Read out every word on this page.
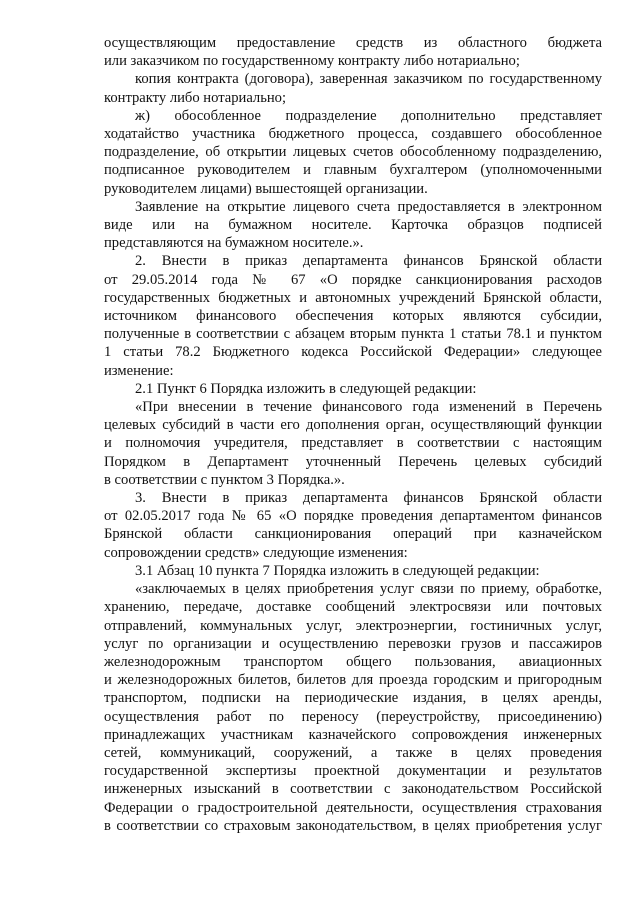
осуществляющим предоставление средств из областного бюджета
или заказчиком по государственному контракту либо нотариально;
копия контракта (договора), заверенная заказчиком по государственному
контракту либо нотариально;
ж) обособленное подразделение дополнительно представляет
ходатайство участника бюджетного процесса, создавшего обособленное
подразделение, об открытии лицевых счетов обособленному подразделению,
подписанное руководителем и главным бухгалтером (уполномоченными
руководителем лицами) вышестоящей организации.
Заявление на открытие лицевого счета предоставляется в электронном
виде или на бумажном носителе. Карточка образцов подписей
представляются на бумажном носителе.».
2. Внести в приказ департамента финансов Брянской области
от 29.05.2014 года № 67 «О порядке санкционирования расходов
государственных бюджетных и автономных учреждений Брянской области,
источником финансового обеспечения которых являются субсидии,
полученные в соответствии с абзацем вторым пункта 1 статьи 78.1 и пунктом
1 статьи 78.2 Бюджетного кодекса Российской Федерации» следующее
изменение:
2.1 Пункт 6 Порядка изложить в следующей редакции:
«При внесении в течение финансового года изменений в Перечень
целевых субсидий в части его дополнения орган, осуществляющий функции
и полномочия учредителя, представляет в соответствии с настоящим
Порядком в Департамент уточненный Перечень целевых субсидий
в соответствии с пунктом 3 Порядка.».
3. Внести в приказ департамента финансов Брянской области
от 02.05.2017 года № 65 «О порядке проведения департаментом финансов
Брянской области санкционирования операций при казначейском
сопровождении средств» следующие изменения:
3.1 Абзац 10 пункта 7 Порядка изложить в следующей редакции:
«заключаемых в целях приобретения услуг связи по приему, обработке,
хранению, передаче, доставке сообщений электросвязи или почтовых
отправлений, коммунальных услуг, электроэнергии, гостиничных услуг,
услуг по организации и осуществлению перевозки грузов и пассажиров
железнодорожным транспортом общего пользования, авиационных
и железнодорожных билетов, билетов для проезда городским и пригородным
транспортом, подписки на периодические издания, в целях аренды,
осуществления работ по переносу (переустройству, присоединению)
принадлежащих участникам казначейского сопровождения инженерных
сетей, коммуникаций, сооружений, а также в целях проведения
государственной экспертизы проектной документации и результатов
инженерных изысканий в соответствии с законодательством Российской
Федерации о градостроительной деятельности, осуществления страхования
в соответствии со страховым законодательством, в целях приобретения услуг
